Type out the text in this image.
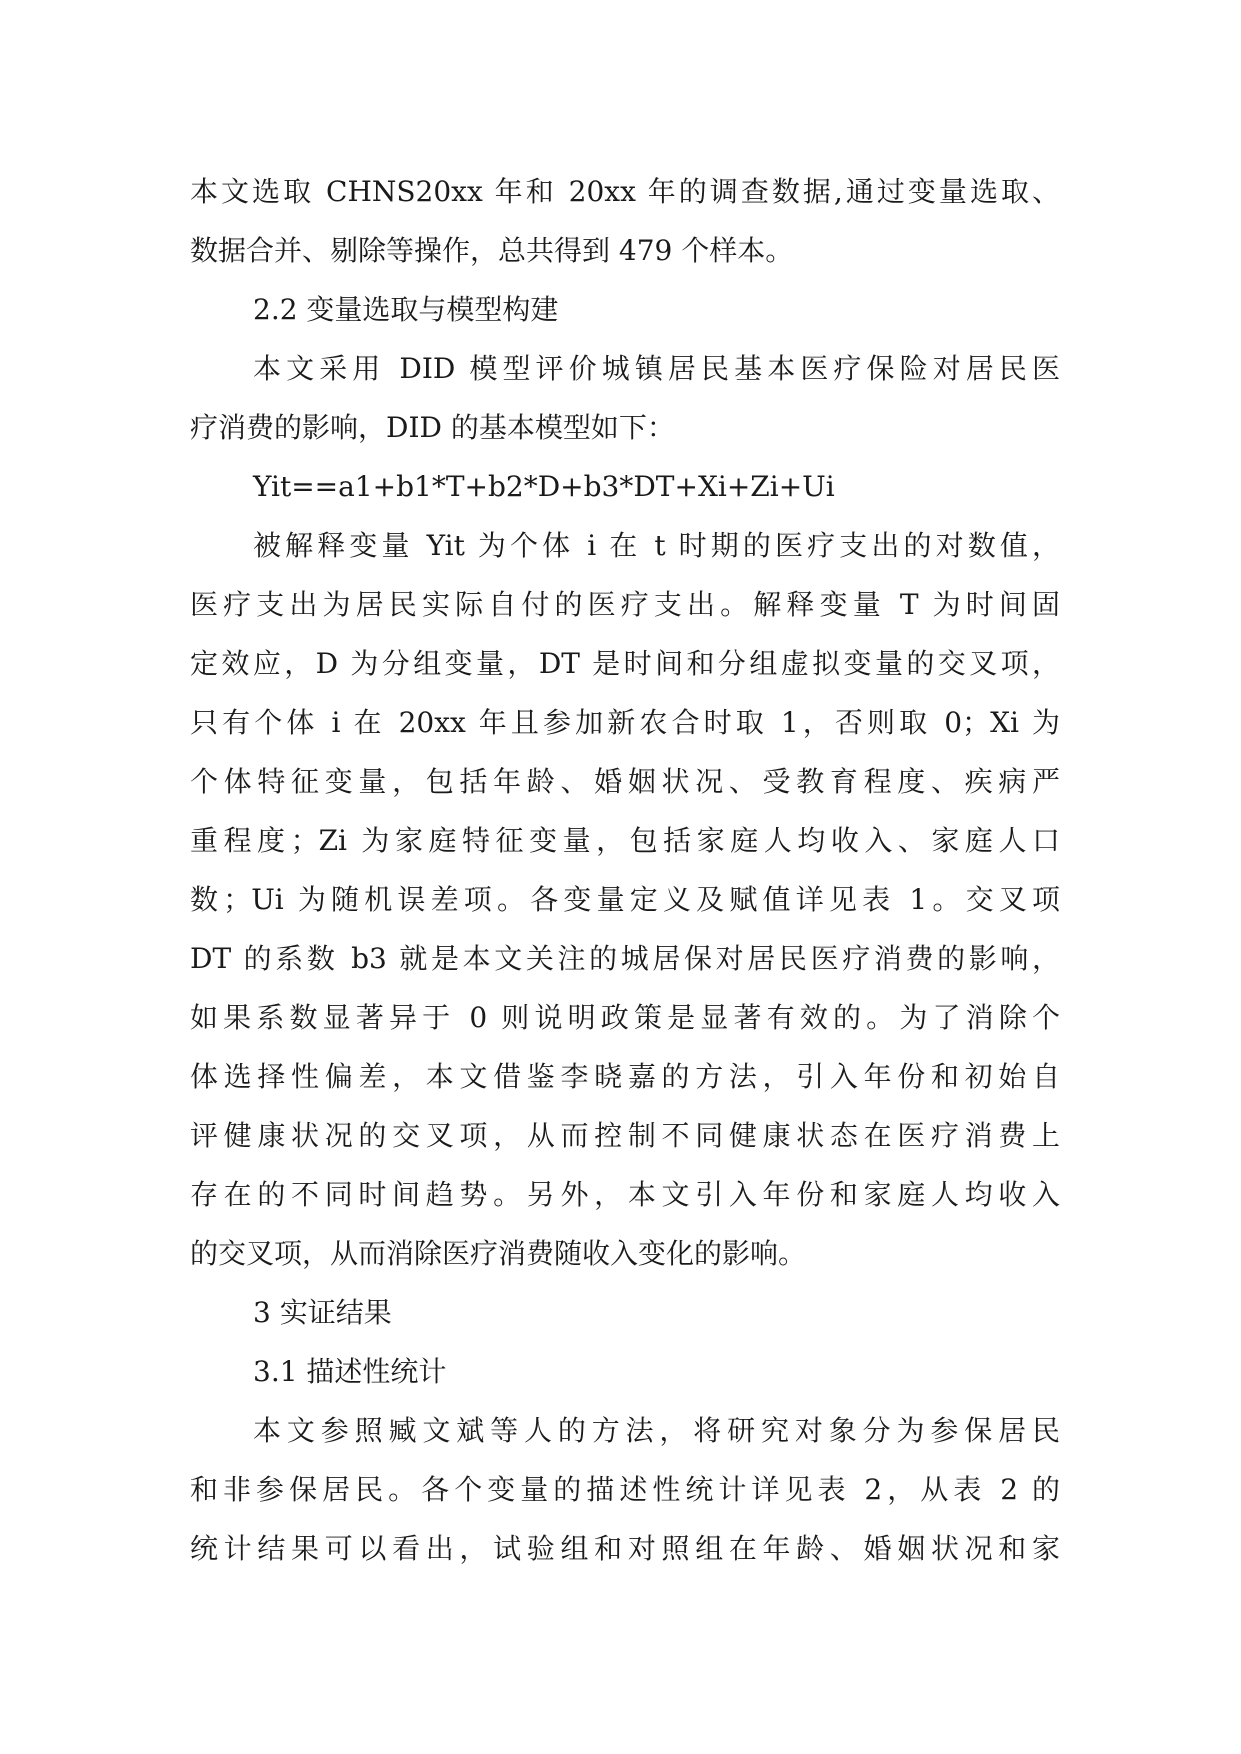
本文选取 CHNS20xx 年和 20xx 年的调查数据,通过变量选取、
数据合并、剔除等操作，总共得到 479 个样本。
2.2 变量选取与模型构建
本文采用 DID 模型评价城镇居民基本医疗保险对居民医
疗消费的影响，DID 的基本模型如下：
Yit==a1+b1*T+b2*D+b3*DT+Xi+Zi+Ui
被解释变量 Yit 为个体 i 在 t 时期的医疗支出的对数值，
医疗支出为居民实际自付的医疗支出。解释变量 T 为时间固
定效应，D 为分组变量，DT 是时间和分组虚拟变量的交叉项，
只有个体 i 在 20xx 年且参加新农合时取 1，否则取 0；Xi 为
个体特征变量，包括年龄、婚姻状况、受教育程度、疾病严
重程度；Zi 为家庭特征变量，包括家庭人均收入、家庭人口
数；Ui 为随机误差项。各变量定义及赋值详见表 1。交叉项
DT 的系数 b3 就是本文关注的城居保对居民医疗消费的影响，
如果系数显著异于 0 则说明政策是显著有效的。为了消除个
体选择性偏差，本文借鉴李晓嘉的方法，引入年份和初始自
评健康状况的交叉项，从而控制不同健康状态在医疗消费上
存在的不同时间趋势。另外，本文引入年份和家庭人均收入
的交叉项，从而消除医疗消费随收入变化的影响。
3 实证结果
3.1 描述性统计
本文参照臧文斌等人的方法，将研究对象分为参保居民
和非参保居民。各个变量的描述性统计详见表 2，从表 2 的
统计结果可以看出，试验组和对照组在年龄、婚姻状况和家
